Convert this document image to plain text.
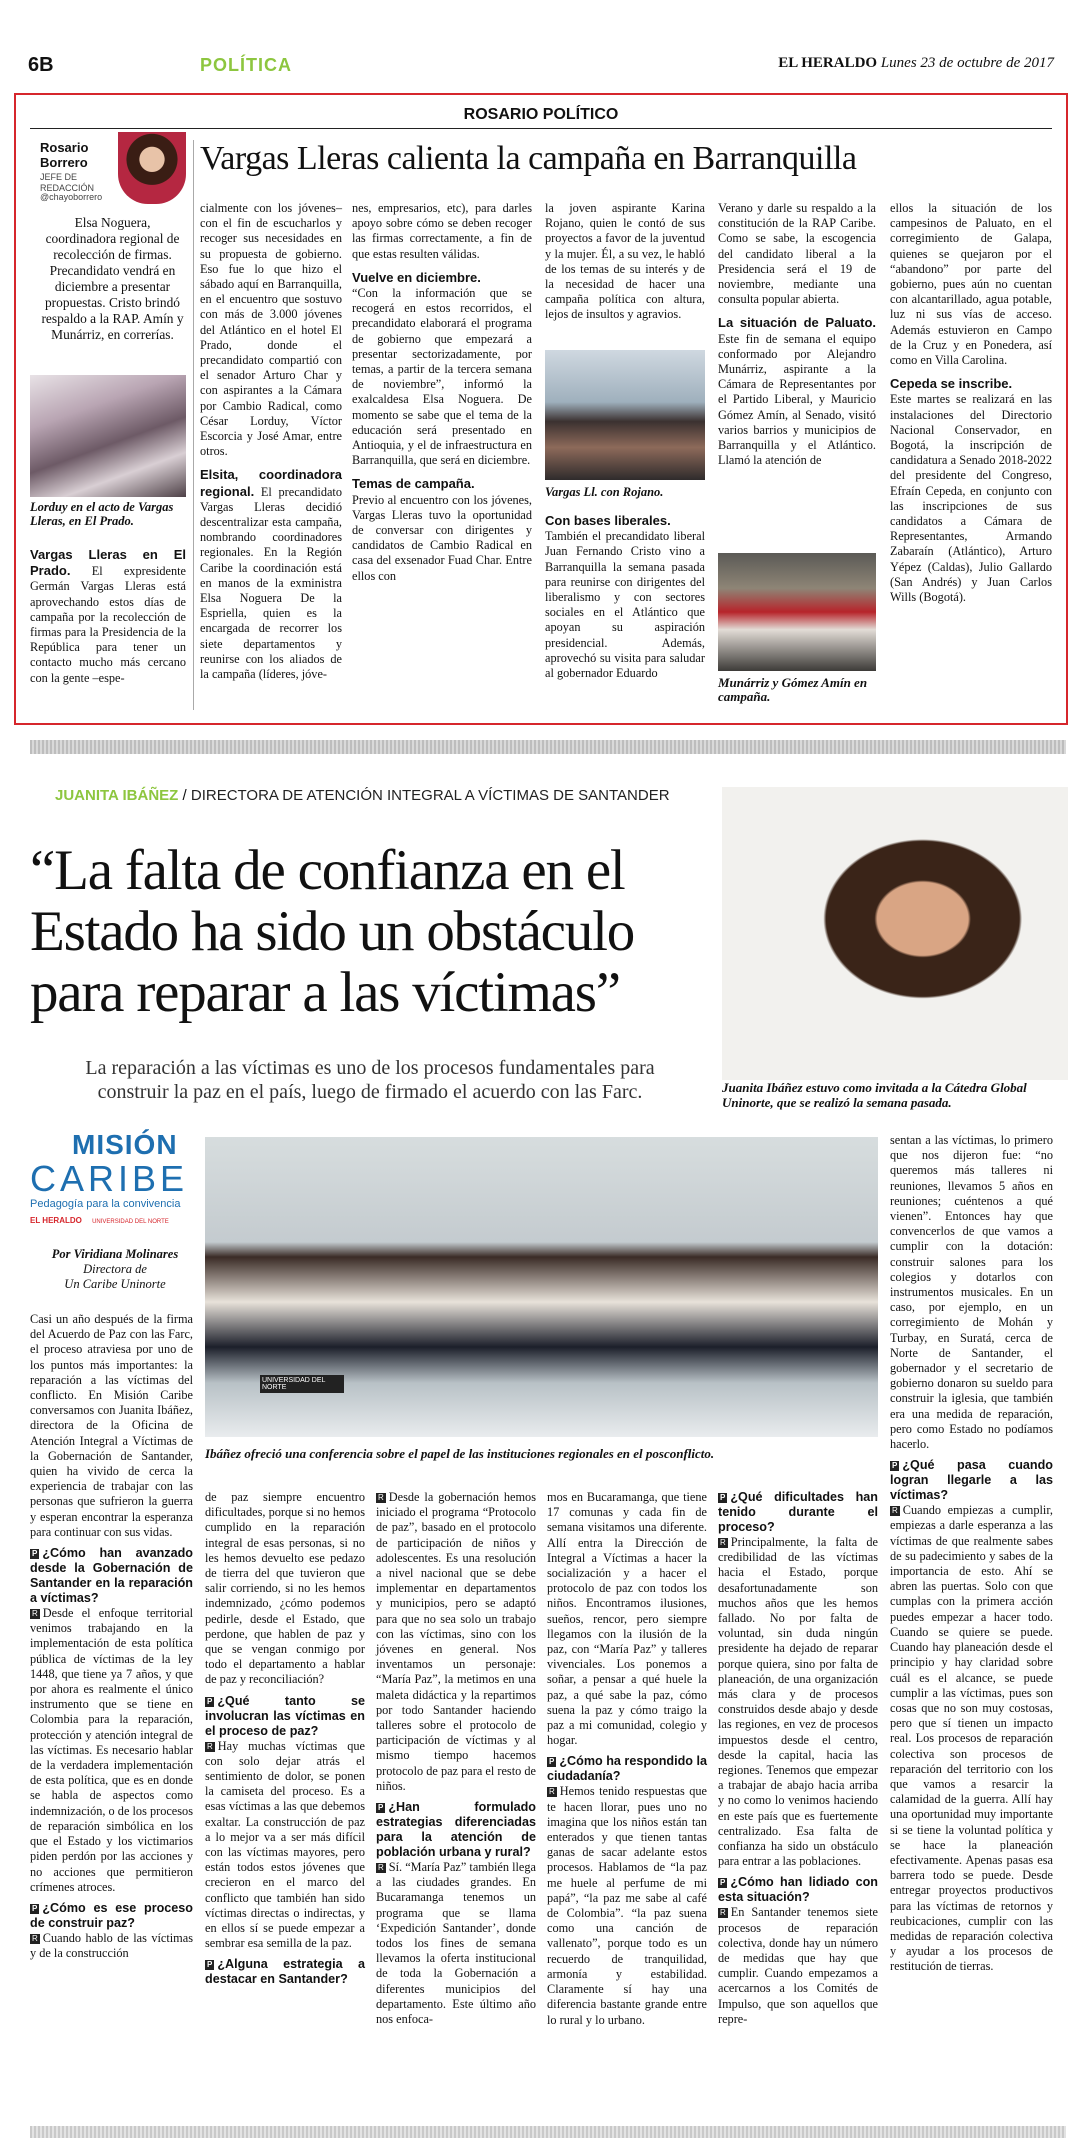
6B	POLÍTICA	EL HERALDO Lunes 23 de octubre de 2017
ROSARIO POLÍTICO
Rosario Borrero
JEFE DE REDACCIÓN
@chayoborrero
Vargas Lleras calienta la campaña en Barranquilla
Elsa Noguera, coordinadora regional de recolección de firmas. Precandidato vendrá en diciembre a presentar propuestas. Cristo brindó respaldo a la RAP. Amín y Munárriz, en correrías.
Lorduy en el acto de Vargas Lleras, en El Prado.
Vargas Lleras en El Prado. El expresidente Germán Vargas Lleras está aprovechando estos días de campaña por la recolección de firmas para la Presidencia de la República para tener un contacto mucho más cercano con la gente –espe-

cialmente con los jóvenes– con el fin de escucharlos y recoger sus necesidades en su propuesta de gobierno. Eso fue lo que hizo el sábado aquí en Barranquilla, en el encuentro que sostuvo con más de 3.000 jóvenes del Atlántico en el hotel El Prado, donde el precandidato compartió con el senador Arturo Char y con aspirantes a la Cámara por Cambio Radical, como César Lorduy, Víctor Escorcia y José Amar, entre otros.

Elsita, coordinadora regional. El precandidato Vargas Lleras decidió descentralizar esta campaña, nombrando coordinadores regionales. En la Región Caribe la coordinación está en manos de la exministra Elsa Noguera De la Espriella, quien es la encargada de recorrer los siete departamentos y reunirse con los aliados de la campaña (líderes, jóve-

nes, empresarios, etc), para darles apoyo sobre cómo se deben recoger las firmas correctamente, a fin de que estas resulten válidas.

Vuelve en diciembre.

“Con la información que se recogerá en estos recorridos, el precandidato elaborará el programa de gobierno que empezará a presentar sectorizadamente, por temas, a partir de la tercera semana de noviembre”, informó la exalcaldesa Elsa Noguera. De momento se sabe que el tema de la educación será presentado en Antioquia, y el de infraestructura en Barranquilla, que será en diciembre.

Temas de campaña.

Previo al encuentro con los jóvenes, Vargas Lleras tuvo la oportunidad de conversar con dirigentes y candidatos de Cambio Radical en casa del exsenador Fuad Char. Entre ellos con

la joven aspirante Karina Rojano, quien le contó de sus proyectos a favor de la juventud y la mujer. Él, a su vez, le habló de los temas de su interés y de la necesidad de hacer una campaña política con altura, lejos de insultos y agravios.

Vargas Ll. con Rojano.

Con bases liberales.

También el precandidato liberal Juan Fernando Cristo vino a Barranquilla la semana pasada para reunirse con dirigentes del liberalismo y con sectores sociales en el Atlántico que apoyan su aspiración presidencial. Además, aprovechó su visita para saludar al gobernador Eduardo

Verano y darle su respaldo a la constitución de la RAP Caribe. Como se sabe, la escogencia del candidato liberal a la Presidencia será el 19 de noviembre, mediante una consulta popular abierta.

La situación de Paluato. Este fin de semana el equipo conformado por Alejandro Munárriz, aspirante a la Cámara de Representantes por el Partido Liberal, y Mauricio Gómez Amín, al Senado, visitó varios barrios y municipios de Barranquilla y el Atlántico. Llamó la atención de

Munárriz y Gómez Amín en campaña.

ellos la situación de los campesinos de Paluato, en el corregimiento de Galapa, quienes se quejaron por el “abandono” por parte del gobierno, pues aún no cuentan con alcantarillado, agua potable, luz ni sus vías de acceso. Además estuvieron en Campo de la Cruz y en Ponedera, así como en Villa Carolina.

Cepeda se inscribe.

Este martes se realizará en las instalaciones del Directorio Nacional Conservador, en Bogotá, la inscripción de candidatura a Senado 2018-2022 del presidente del Congreso, Efraín Cepeda, en conjunto con las inscripciones de sus candidatos a Cámara de Representantes, Armando Zabaraín (Atlántico), Arturo Yépez (Caldas), Julio Gallardo (San Andrés) y Juan Carlos Wills (Bogotá).

JUANITA IBÁÑEZ / DIRECTORA DE ATENCIÓN INTEGRAL A VÍCTIMAS DE SANTANDER
“La falta de confianza en el Estado ha sido un obstáculo para reparar a las víctimas”
La reparación a las víctimas es uno de los procesos fundamentales para construir la paz en el país, luego de firmado el acuerdo con las Farc.	Juanita Ibáñez estuvo como invitada a la Cátedra Global Uninorte, que se realizó la semana pasada.
MISIÓN
CARIBE
Pedagogía para la convivencia
EL HERALDO UNIVERSIDAD DEL NORTE
Por Viridiana Molinares
Directora de
Un Caribe Uninorte
UNIVERSIDAD DEL NORTE
Ibáñez ofreció una conferencia sobre el papel de las instituciones regionales en el posconflicto.

Casi un año después de la firma del Acuerdo de Paz con las Farc, el proceso atraviesa por uno de los puntos más importantes: la reparación a las víctimas del conflicto. En Misión Caribe conversamos con Juanita Ibáñez, directora de la Oficina de Atención Integral a Víctimas de la Gobernación de Santander, quien ha vivido de cerca la experiencia de trabajar con las personas que sufrieron la guerra y esperan encontrar la esperanza para continuar con sus vidas.

P ¿Cómo han avanzado desde la Gobernación de Santander en la reparación a víctimas?

R Desde el enfoque territorial venimos trabajando en la implementación de esta política pública de víctimas de la ley 1448, que tiene ya 7 años, y que por ahora es realmente el único instrumento que se tiene en Colombia para la reparación, protección y atención integral de las víctimas. Es necesario hablar de la verdadera implementación de esta política, que es en donde se habla de aspectos como indemnización, o de los procesos de reparación simbólica en los que el Estado y los victimarios piden perdón por las acciones y no acciones que permitieron crímenes atroces.

P ¿Cómo es ese proceso de construir paz?

R Cuando hablo de las víctimas y de la construcción

de paz siempre encuentro dificultades, porque si no hemos cumplido en la reparación integral de esas personas, si no les hemos devuelto ese pedazo de tierra del que tuvieron que salir corriendo, si no les hemos indemnizado, ¿cómo podemos pedirle, desde el Estado, que perdone, que hablen de paz y que se vengan conmigo por todo el departamento a hablar de paz y reconciliación?

P ¿Qué tanto se involucran las víctimas en el proceso de paz?

R Hay muchas víctimas que con solo dejar atrás el sentimiento de dolor, se ponen la camiseta del proceso. Es a esas víctimas a las que debemos exaltar. La construcción de paz a lo mejor va a ser más difícil con las víctimas mayores, pero están todos estos jóvenes que crecieron en el marco del conflicto que también han sido víctimas directas o indirectas, y en ellos sí se puede empezar a sembrar esa semilla de la paz.

P ¿Alguna estrategia a destacar en Santander?

R Desde la gobernación hemos iniciado el programa “Protocolo de paz”, basado en el protocolo de participación de niños y adolescentes. Es una resolución a nivel nacional que se debe implementar en departamentos y municipios, pero se adaptó para que no sea solo un trabajo con las víctimas, sino con los jóvenes en general. Nos inventamos un personaje: “María Paz”, la metimos en una maleta didáctica y la repartimos por todo Santander haciendo talleres sobre el protocolo de participación de víctimas y al mismo tiempo hacemos protocolo de paz para el resto de niños.

P ¿Han formulado estrategias diferenciadas para la atención de población urbana y rural?

R Sí. “María Paz” también llega a las ciudades grandes. En Bucaramanga tenemos un programa que se llama ‘Expedición Santander’, donde todos los fines de semana llevamos la oferta institucional de toda la Gobernación a diferentes municipios del departamento. Este último año nos enfoca-

mos en Bucaramanga, que tiene 17 comunas y cada fin de semana visitamos una diferente. Allí entra la Dirección de Integral a Víctimas a hacer la socialización y a hacer el protocolo de paz con todos los niños. Encontramos ilusiones, sueños, rencor, pero siempre llegamos con la ilusión de la paz, con “María Paz” y talleres vivenciales. Los ponemos a soñar, a pensar a qué huele la paz, a qué sabe la paz, cómo suena la paz y cómo traigo la paz a mi comunidad, colegio y hogar.

P ¿Cómo ha respondido la ciudadanía?

R Hemos tenido respuestas que te hacen llorar, pues uno no imagina que los niños están tan enterados y que tienen tantas ganas de sacar adelante estos procesos. Hablamos de “la paz me huele al perfume de mi papá”, “la paz me sabe al café de Colombia”. “la paz suena como una canción de vallenato”, porque todo es un recuerdo de tranquilidad, armonía y estabilidad. Claramente sí hay una diferencia bastante grande entre lo rural y lo urbano.

P ¿Qué dificultades han tenido durante el proceso?

R Principalmente, la falta de credibilidad de las víctimas hacia el Estado, porque desafortunadamente son muchos años que les hemos fallado. No por falta de voluntad, sin duda ningún presidente ha dejado de reparar porque quiera, sino por falta de planeación, de una organización más clara y de procesos construidos desde abajo y desde las regiones, en vez de procesos impuestos desde el centro, desde la capital, hacia las regiones. Tenemos que empezar a trabajar de abajo hacia arriba y no como lo venimos haciendo en este país que es fuertemente centralizado. Esa falta de confianza ha sido un obstáculo para entrar a las poblaciones.

P ¿Cómo han lidiado con esta situación?

R En Santander tenemos siete procesos de reparación colectiva, donde hay un número de medidas que hay que cumplir. Cuando empezamos a acercarnos a los Comités de Impulso, que son aquellos que repre-

sentan a las víctimas, lo primero que nos dijeron fue: “no queremos más talleres ni reuniones, llevamos 5 años en reuniones; cuéntenos a qué vienen”. Entonces hay que convencerlos de que vamos a cumplir con la dotación: construir salones para los colegios y dotarlos con instrumentos musicales. En un caso, por ejemplo, en un corregimiento de Mohán y Turbay, en Suratá, cerca de Norte de Santander, el gobernador y el secretario de gobierno donaron su sueldo para construir la iglesia, que también era una medida de reparación, pero como Estado no podíamos hacerlo.

P ¿Qué pasa cuando logran llegarle a las víctimas?

R Cuando empiezas a cumplir, empiezas a darle esperanza a las víctimas de que realmente sabes de su padecimiento y sabes de la importancia de esto. Ahí se abren las puertas. Solo con que cumplas con la primera acción puedes empezar a hacer todo. Cuando se quiere se puede. Cuando hay planeación desde el principio y hay claridad sobre cuál es el alcance, se puede cumplir a las víctimas, pues son cosas que no son muy costosas, pero que sí tienen un impacto real. Los procesos de reparación colectiva son procesos de reparación del territorio con los que vamos a resarcir la calamidad de la guerra. Allí hay una oportunidad muy importante si se tiene la voluntad política y se hace la planeación efectivamente. Apenas pasas esa barrera todo se puede. Desde entregar proyectos productivos para las víctimas de retornos y reubicaciones, cumplir con las medidas de reparación colectiva y ayudar a los procesos de restitución de tierras.
